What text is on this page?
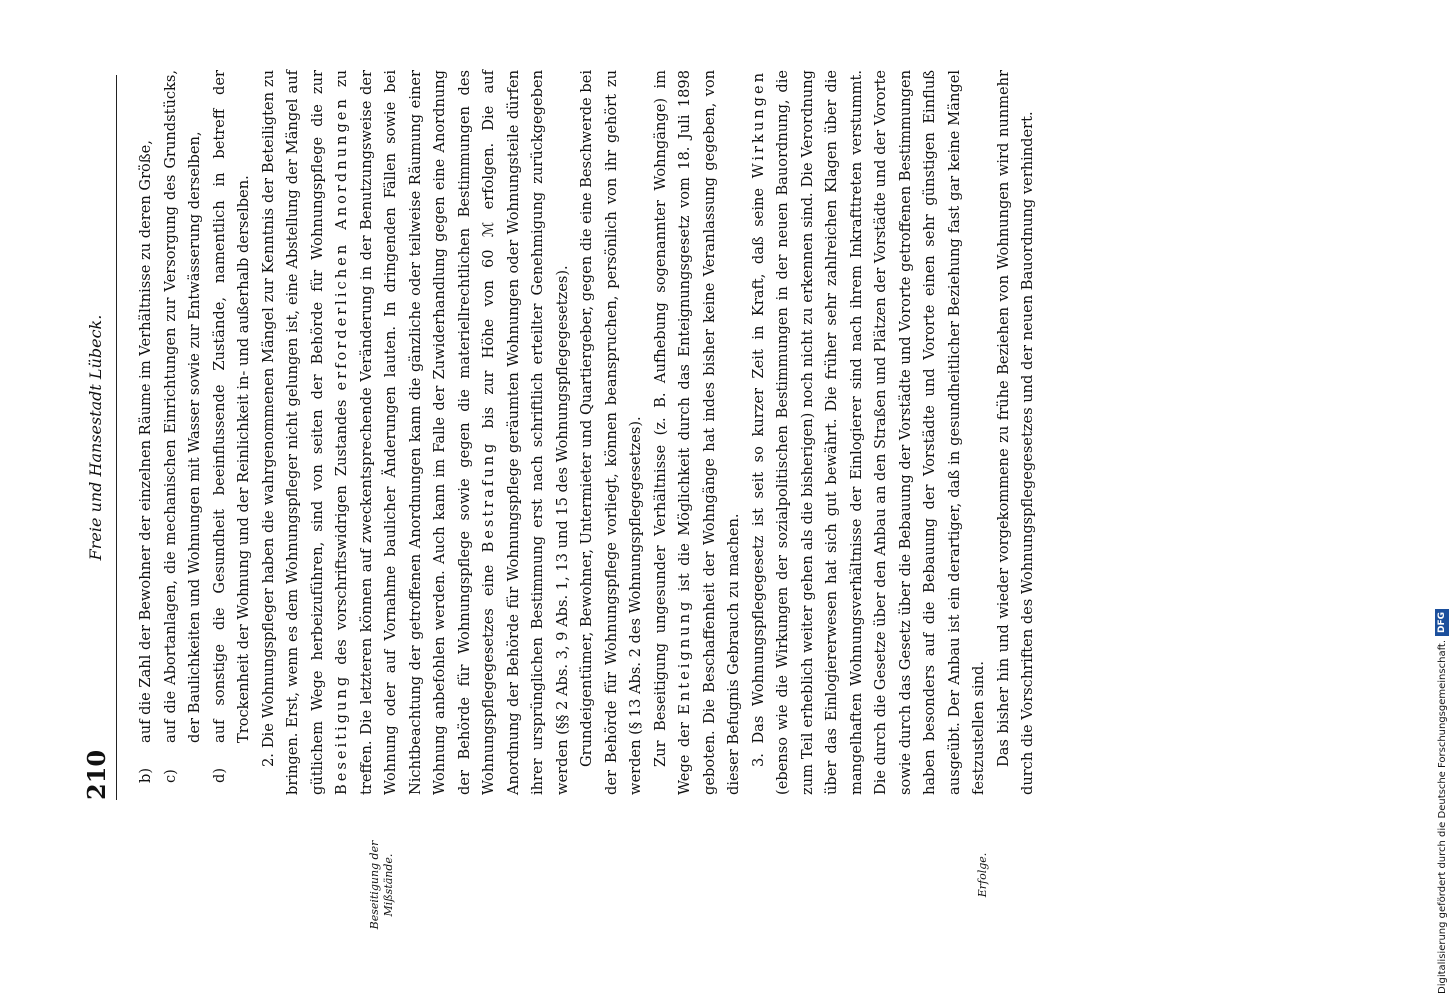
210
Freie und Hansestadt Lübeck.
Beseitigung der Mißstände.	Erfolge.
b)
auf die Zahl der Bewohner der einzelnen Räume im Verhältnisse zu deren Größe,
c)
auf die Abortanlagen, die mechanischen Einrichtungen zur Versorgung des Grundstücks, der Baulichkeiten und Wohnungen mit Wasser sowie zur Entwässerung derselben,
d)
auf sonstige die Gesundheit beeinflussende Zustände, namentlich in betreff der Trockenheit der Wohnung und der Reinlichkeit in- und außerhalb derselben. 2. Die Wohnungspfleger haben die wahrgenommenen Mängel zur Kenntnis der Beteiligten zu bringen. Erst, wenn es dem Wohnungspfleger nicht gelungen ist, eine Abstellung der Mängel auf gütlichem Wege herbeizuführen, sind von seiten der Behörde für Wohnungspflege die zur Beseitigung des vorschriftswidrigen Zustandes erforderlichen Anordnungen zu treffen. Die letzteren können auf zweckentsprechende Veränderung in der Benutzungsweise der Wohnung oder auf Vornahme baulicher Änderungen lauten. In dringenden Fällen sowie bei Nichtbeachtung der getroffenen Anordnungen kann die gänzliche oder teilweise Räumung einer Wohnung anbefohlen werden. Auch kann im Falle der Zuwiderhandlung gegen eine Anordnung der Behörde für Wohnungspflege sowie gegen die materiellrechtlichen Bestimmungen des Wohnungspflegegesetzes eine Bestrafung bis zur Höhe von 60 ℳ erfolgen. Die auf Anordnung der Behörde für Wohnungspflege geräumten Wohnungen oder Wohnungsteile dürfen ihrer ursprünglichen Bestimmung erst nach schriftlich erteilter Genehmigung zurückgegeben werden (§§ 2 Abs. 3, 9 Abs. 1, 13 und 15 des Wohnungspflegegesetzes). Grundeigentümer, Bewohner, Untermieter und Quartiergeber, gegen die eine Beschwerde bei der Behörde für Wohnungspflege vorliegt, können beanspruchen, persönlich von ihr gehört zu werden (§ 13 Abs. 2 des Wohnungspflegegesetzes). Zur Beseitigung ungesunder Verhältnisse (z. B. Aufhebung sogenannter Wohngänge) im Wege der Enteignung ist die Möglichkeit durch das Enteignungsgesetz vom 18. Juli 1898 geboten. Die Beschaffenheit der Wohngänge hat indes bisher keine Veranlassung gegeben, von dieser Befugnis Gebrauch zu machen. 3. Das Wohnungspflegegesetz ist seit so kurzer Zeit in Kraft, daß seine Wirkungen (ebenso wie die Wirkungen der sozialpolitischen Bestimmungen in der neuen Bauordnung, die zum Teil erheblich weiter gehen als die bisherigen) noch nicht zu erkennen sind. Die Verordnung über das Einlogiererwesen hat sich gut bewährt. Die früher sehr zahlreichen Klagen über die mangelhaften Wohnungsverhältnisse der Einlogierer sind nach ihrem Inkrafttreten verstummt. Die durch die Gesetze über den Anbau an den Straßen und Plätzen der Vorstädte und der Vororte sowie durch das Gesetz über die Bebauung der Vorstädte und Vororte getroffenen Bestimmungen haben besonders auf die Bebauung der Vorstädte und Vororte einen sehr günstigen Einfluß ausgeübt. Der Anbau ist ein derartiger, daß in gesundheitlicher Beziehung fast gar keine Mängel festzustellen sind. Das bisher hin und wieder vorgekommene zu frühe Beziehen von Wohnungen wird nunmehr durch die Vorschriften des Wohnungspflegegesetzes und der neuen Bauordnung verhindert.

Digitalisierung gefördert durch die Deutsche Forschungsgemeinschaft.DFG
